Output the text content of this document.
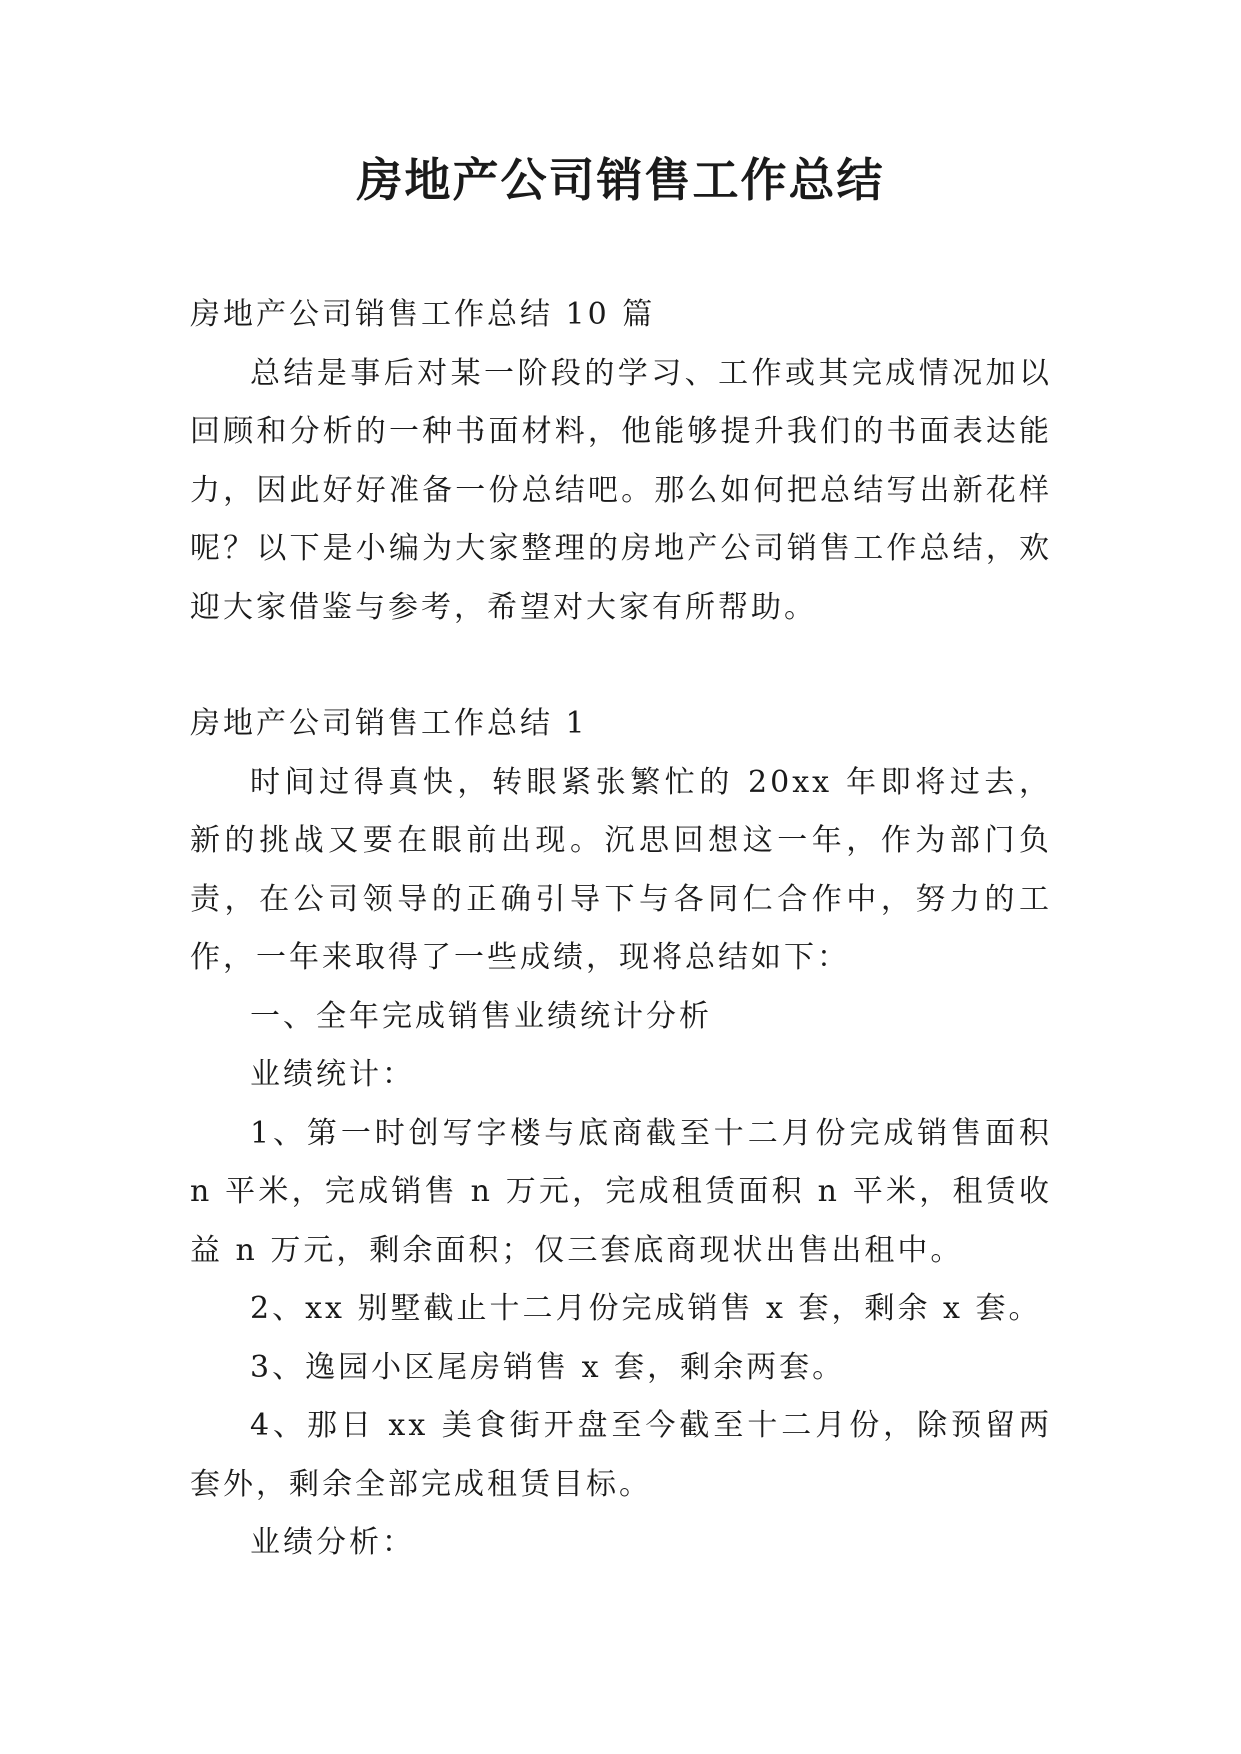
房地产公司销售工作总结

房地产公司销售工作总结 10 篇

总结是事后对某一阶段的学习、工作或其完成情况加以回顾和分析的一种书面材料，他能够提升我们的书面表达能力，因此好好准备一份总结吧。那么如何把总结写出新花样呢？以下是小编为大家整理的房地产公司销售工作总结，欢迎大家借鉴与参考，希望对大家有所帮助。

房地产公司销售工作总结 1

时间过得真快，转眼紧张繁忙的 20xx 年即将过去，新的挑战又要在眼前出现。沉思回想这一年，作为部门负责，在公司领导的正确引导下与各同仁合作中，努力的工作，一年来取得了一些成绩，现将总结如下：

一、全年完成销售业绩统计分析

业绩统计：

1、第一时创写字楼与底商截至十二月份完成销售面积 n 平米，完成销售 n 万元，完成租赁面积 n 平米，租赁收益 n 万元，剩余面积；仅三套底商现状出售出租中。

2、xx 别墅截止十二月份完成销售 x 套，剩余 x 套。

3、逸园小区尾房销售 x 套，剩余两套。

4、那日 xx 美食街开盘至今截至十二月份，除预留两套外，剩余全部完成租赁目标。

业绩分析：
